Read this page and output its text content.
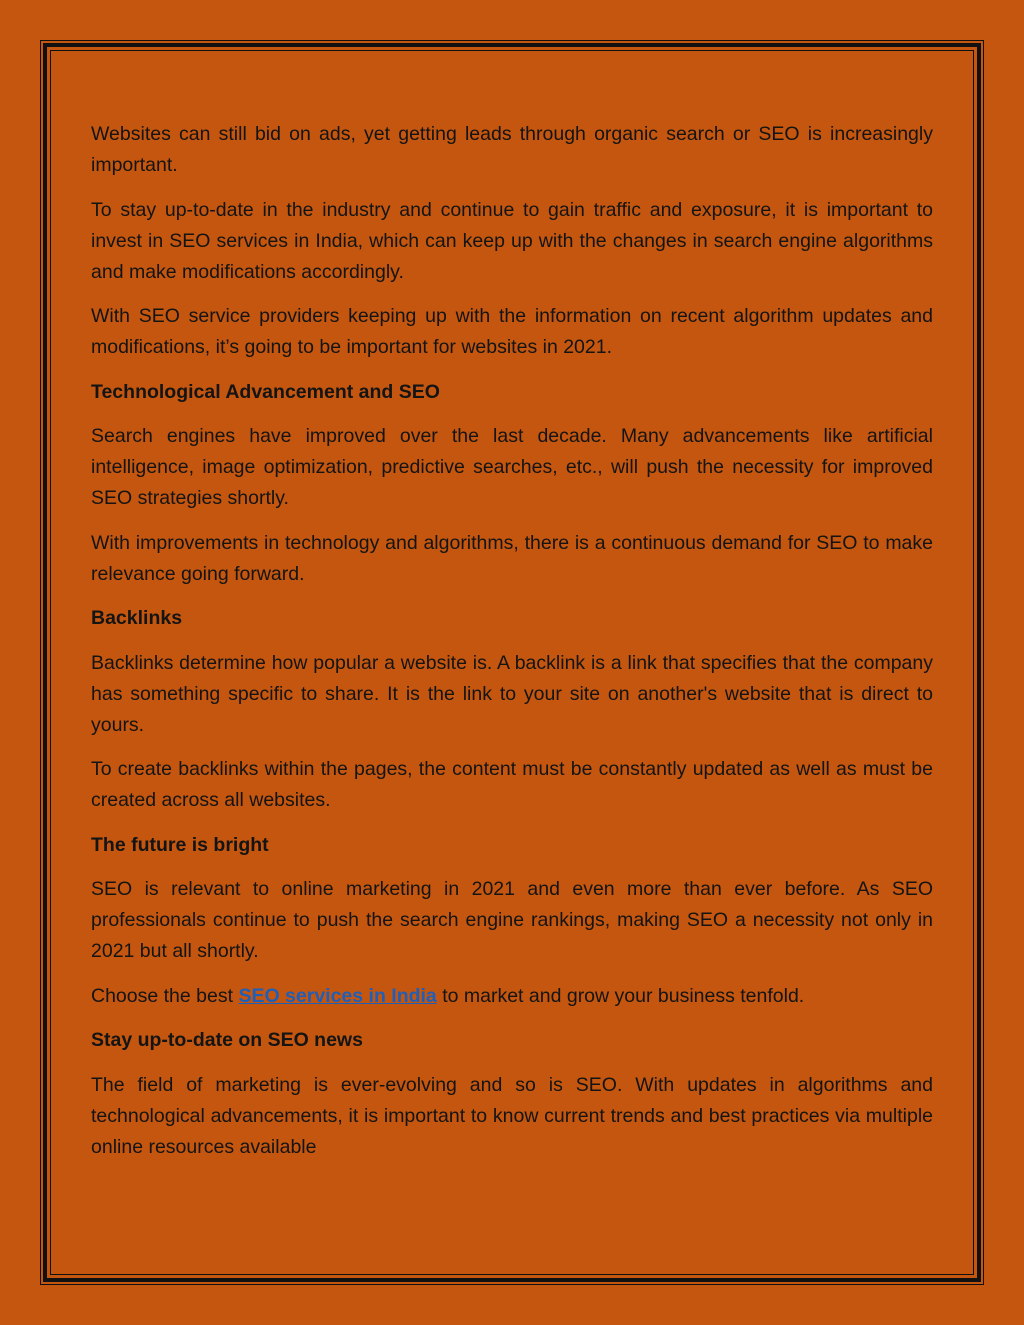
Websites can still bid on ads, yet getting leads through organic search or SEO is increasingly important.

To stay up-to-date in the industry and continue to gain traffic and exposure, it is important to invest in SEO services in India, which can keep up with the changes in search engine algorithms and make modifications accordingly.

With SEO service providers keeping up with the information on recent algorithm updates and modifications, it’s going to be important for websites in 2021.

Technological Advancement and SEO

Search engines have improved over the last decade. Many advancements like artificial intelligence, image optimization, predictive searches, etc., will push the necessity for improved SEO strategies shortly.

With improvements in technology and algorithms, there is a continuous demand for SEO to make relevance going forward.

Backlinks

Backlinks determine how popular a website is. A backlink is a link that specifies that the company has something specific to share. It is the link to your site on another's website that is direct to yours.

To create backlinks within the pages, the content must be constantly updated as well as must be created across all websites.

The future is bright

SEO is relevant to online marketing in 2021 and even more than ever before. As SEO professionals continue to push the search engine rankings, making SEO a necessity not only in 2021 but all shortly.

Choose the best SEO services in India to market and grow your business tenfold.

Stay up-to-date on SEO news

The field of marketing is ever-evolving and so is SEO. With updates in algorithms and technological advancements, it is important to know current trends and best practices via multiple online resources available
